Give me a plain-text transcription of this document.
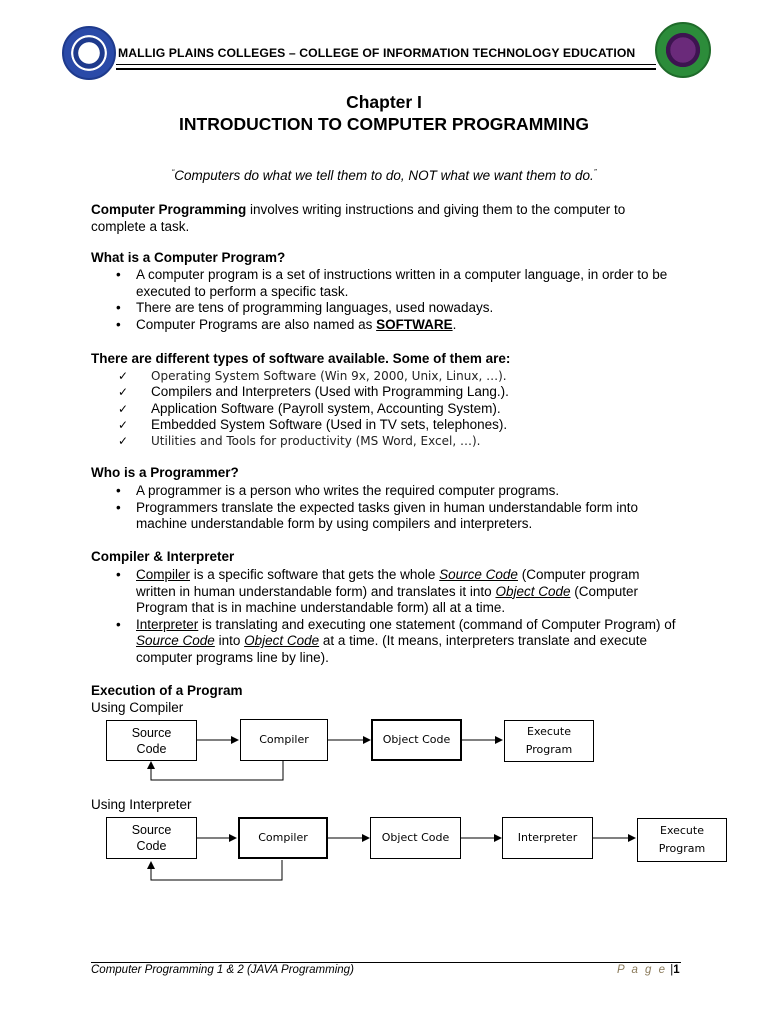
MALLIG PLAINS COLLEGES – COLLEGE OF INFORMATION TECHNOLOGY EDUCATION
Chapter I
INTRODUCTION TO COMPUTER PROGRAMMING
“Computers do what we tell them to do, NOT what we want them to do.”
Computer Programming involves writing instructions and giving them to the computer to complete a task.
What is a Computer Program?
• A computer program is a set of instructions written in a computer language, in order to be executed to perform a specific task.
• There are tens of programming languages, used nowadays.
• Computer Programs are also named as SOFTWARE.
There are different types of software available. Some of them are:
✓ Operating System Software (Win 9x, 2000, Unix, Linux, …).
✓ Compilers and Interpreters (Used with Programming Lang.).
✓ Application Software (Payroll system, Accounting System).
✓ Embedded System Software (Used in TV sets, telephones).
✓ Utilities and Tools for productivity (MS Word, Excel, …).
Who is a Programmer?
• A programmer is a person who writes the required computer programs.
• Programmers translate the expected tasks given in human understandable form into machine understandable form by using compilers and interpreters.
Compiler & Interpreter
• Compiler is a specific software that gets the whole Source Code (Computer program written in human understandable form) and translates it into Object Code (Computer Program that is in machine understandable form) all at a time.
• Interpreter is translating and executing one statement (command of Computer Program) of Source Code into Object Code at a time. (It means, interpreters translate and execute computer programs line by line).
Execution of a Program
Using Compiler
Source Code
Compiler	Object Code
Execute Program
Using Interpreter
Source Code
Compiler	Object Code	Interpreter
Execute Program
Computer Programming 1 & 2 (JAVA Programming)	P a g e |1
